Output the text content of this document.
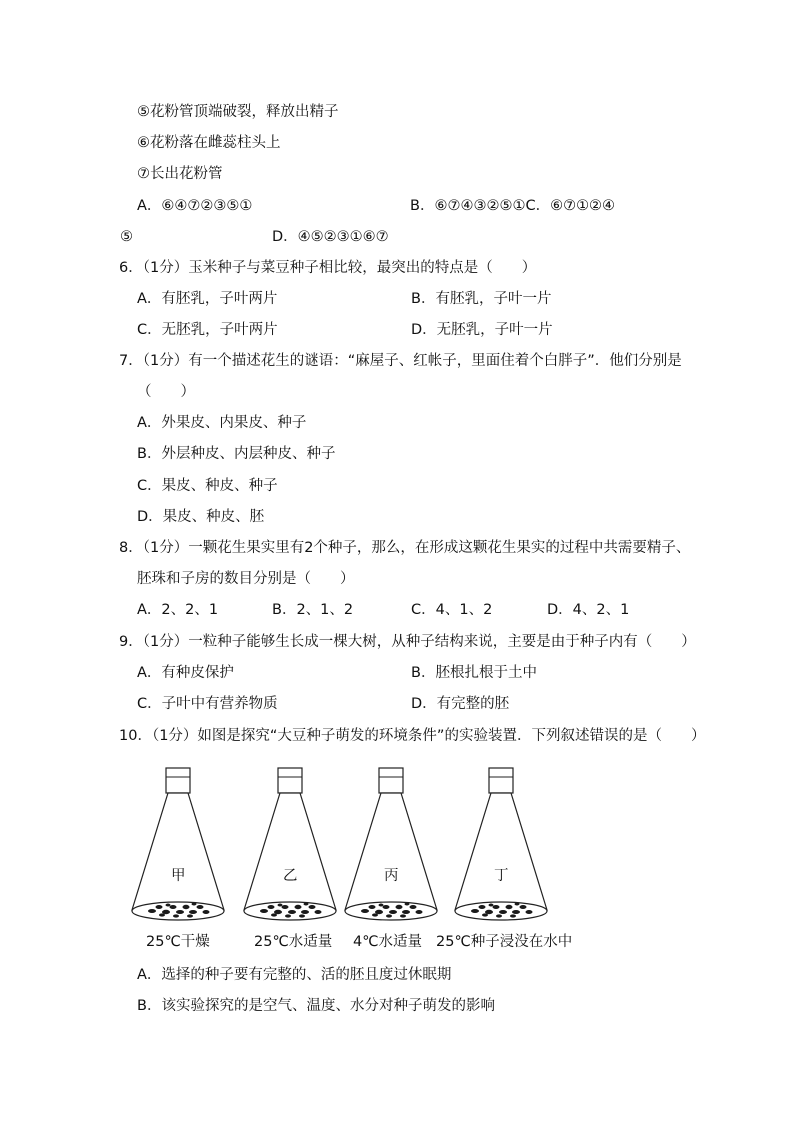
⑤花粉管顶端破裂，释放出精子
⑥花粉落在雌蕊柱头上
⑦长出花粉管
A．⑥④⑦②③⑤①	B．⑥⑦④③②⑤①C．⑥⑦①②④
⑤	D．④⑤②③①⑥⑦
6．（1分）玉米种子与菜豆种子相比较，最突出的特点是（　　）
A．有胚乳，子叶两片	B．有胚乳，子叶一片
C．无胚乳，子叶两片	D．无胚乳，子叶一片
7．（1分）有一个描述花生的谜语：“麻屋子、红帐子，里面住着个白胖子”．他们分别是
（　　）
A．外果皮、内果皮、种子
B．外层种皮、内层种皮、种子
C．果皮、种皮、种子
D．果皮、种皮、胚
8．（1分）一颗花生果实里有2个种子，那么，在形成这颗花生果实的过程中共需要精子、
胚珠和子房的数目分别是（　　）
A．2、2、1	B．2、1、2	C．4、1、2	D．4、2、1
9．（1分）一粒种子能够生长成一棵大树，从种子结构来说，主要是由于种子内有（　　）
A．有种皮保护	B．胚根扎根于土中
C．子叶中有营养物质	D．有完整的胚
10．（1分）如图是探究“大豆种子萌发的环境条件”的实验装置．下列叙述错误的是（　　）
甲	乙	丙	丁
25℃干燥	25℃水适量 4℃水适量 25℃种子浸没在水中
A．选择的种子要有完整的、活的胚且度过休眠期
B．该实验探究的是空气、温度、水分对种子萌发的影响
